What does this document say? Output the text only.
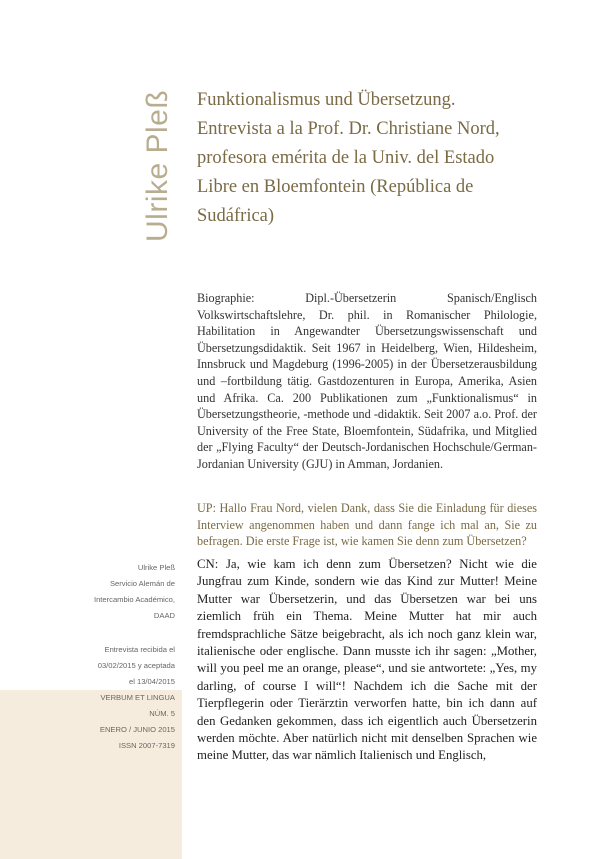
Ulrike Pleß	Funktionalismus und Übersetzung.
Entrevista a la Prof. Dr. Christiane Nord,
profesora emérita de la Univ. del Estado
Libre en Bloemfontein (República de
Sudáfrica)

Biographie: Dipl.-Übersetzerin Spanisch/Englisch Volkswirtschaftslehre, Dr. phil. in Romanischer Philologie, Habilitation in Angewandter Übersetzungswissenschaft und Übersetzungsdidaktik. Seit 1967 in Heidelberg, Wien, Hildesheim, Innsbruck und Magdeburg (1996-2005) in der Übersetzerausbildung und –fortbildung tätig. Gastdozenturen in Europa, Amerika, Asien und Afrika. Ca. 200 Publikationen zum „Funktionalismus“ in Übersetzungstheorie, -methode und -didaktik. Seit 2007 a.o. Prof. der University of the Free State, Bloemfontein, Südafrika, und Mitglied der „Flying Faculty“ der Deutsch-Jordanischen Hochschule/German-Jordanian University (GJU) in Amman, Jordanien.

UP: Hallo Frau Nord, vielen Dank, dass Sie die Einladung für dieses Interview angenommen haben und dann fange ich mal an, Sie zu befragen. Die erste Frage ist, wie kamen Sie denn zum Übersetzen?

CN: Ja, wie kam ich denn zum Übersetzen? Nicht wie die Jungfrau zum Kinde, sondern wie das Kind zur Mutter! Meine Mutter war Übersetzerin, und das Übersetzen war bei uns ziemlich früh ein Thema. Meine Mutter hat mir auch fremdsprachliche Sätze beigebracht, als ich noch ganz klein war, italienische oder englische. Dann musste ich ihr sagen: „Mother, will you peel me an orange, please“, und sie antwortete: „Yes, my darling, of course I will“! Nachdem ich die Sache mit der Tierpflegerin oder Tierärztin verworfen hatte, bin ich dann auf den Gedanken gekommen, dass ich eigentlich auch Übersetzerin werden möchte. Aber natürlich nicht mit denselben Sprachen wie meine Mutter, das war nämlich Italienisch und Englisch,

Ulrike Pleß

Servicio Alemán de

Intercambio Académico,

DAAD

Entrevista recibida el

03/02/2015 y aceptada

el 13/04/2015

VERBUM ET LINGUA

NÚM. 5

ENERO / JUNIO 2015

ISSN 2007-7319
